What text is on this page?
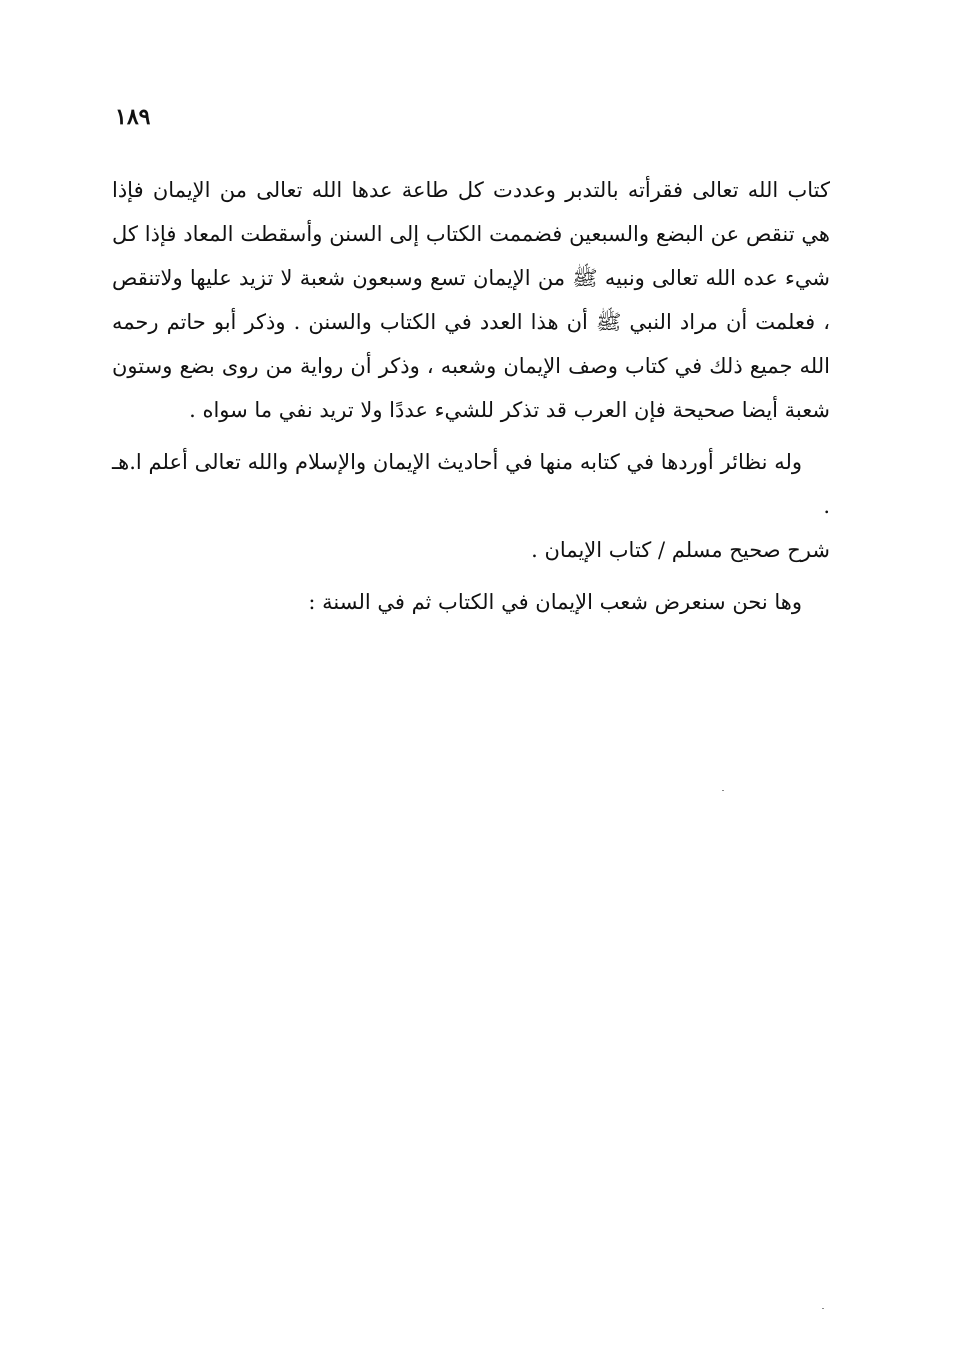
١٨٩

كتاب الله تعالى فقرأته بالتدبر وعددت كل طاعة عدها الله تعالى من الإيمان فإذا هي تنقص عن البضع والسبعين فضممت الكتاب إلى السنن وأسقطت المعاد فإذا كل شيء عده الله تعالى ونبيه ﷺ من الإيمان تسع وسبعون شعبة لا تزيد عليها ولاتنقص ، فعلمت أن مراد النبي ﷺ أن هذا العدد في الكتاب والسنن . وذكر أبو حاتم رحمه الله جميع ذلك في كتاب وصف الإيمان وشعبه ، وذكر أن رواية من روى بضع وستون شعبة أيضا صحيحة فإن العرب قد تذكر للشيء عددًا ولا تريد نفي ما سواه .

وله نظائر أوردها في كتابه منها في أحاديث الإيمان والإسلام والله تعالى أعلم ا.هـ .

شرح صحيح مسلم / كتاب الإيمان .

وها نحن سنعرض شعب الإيمان في الكتاب ثم في السنة :
